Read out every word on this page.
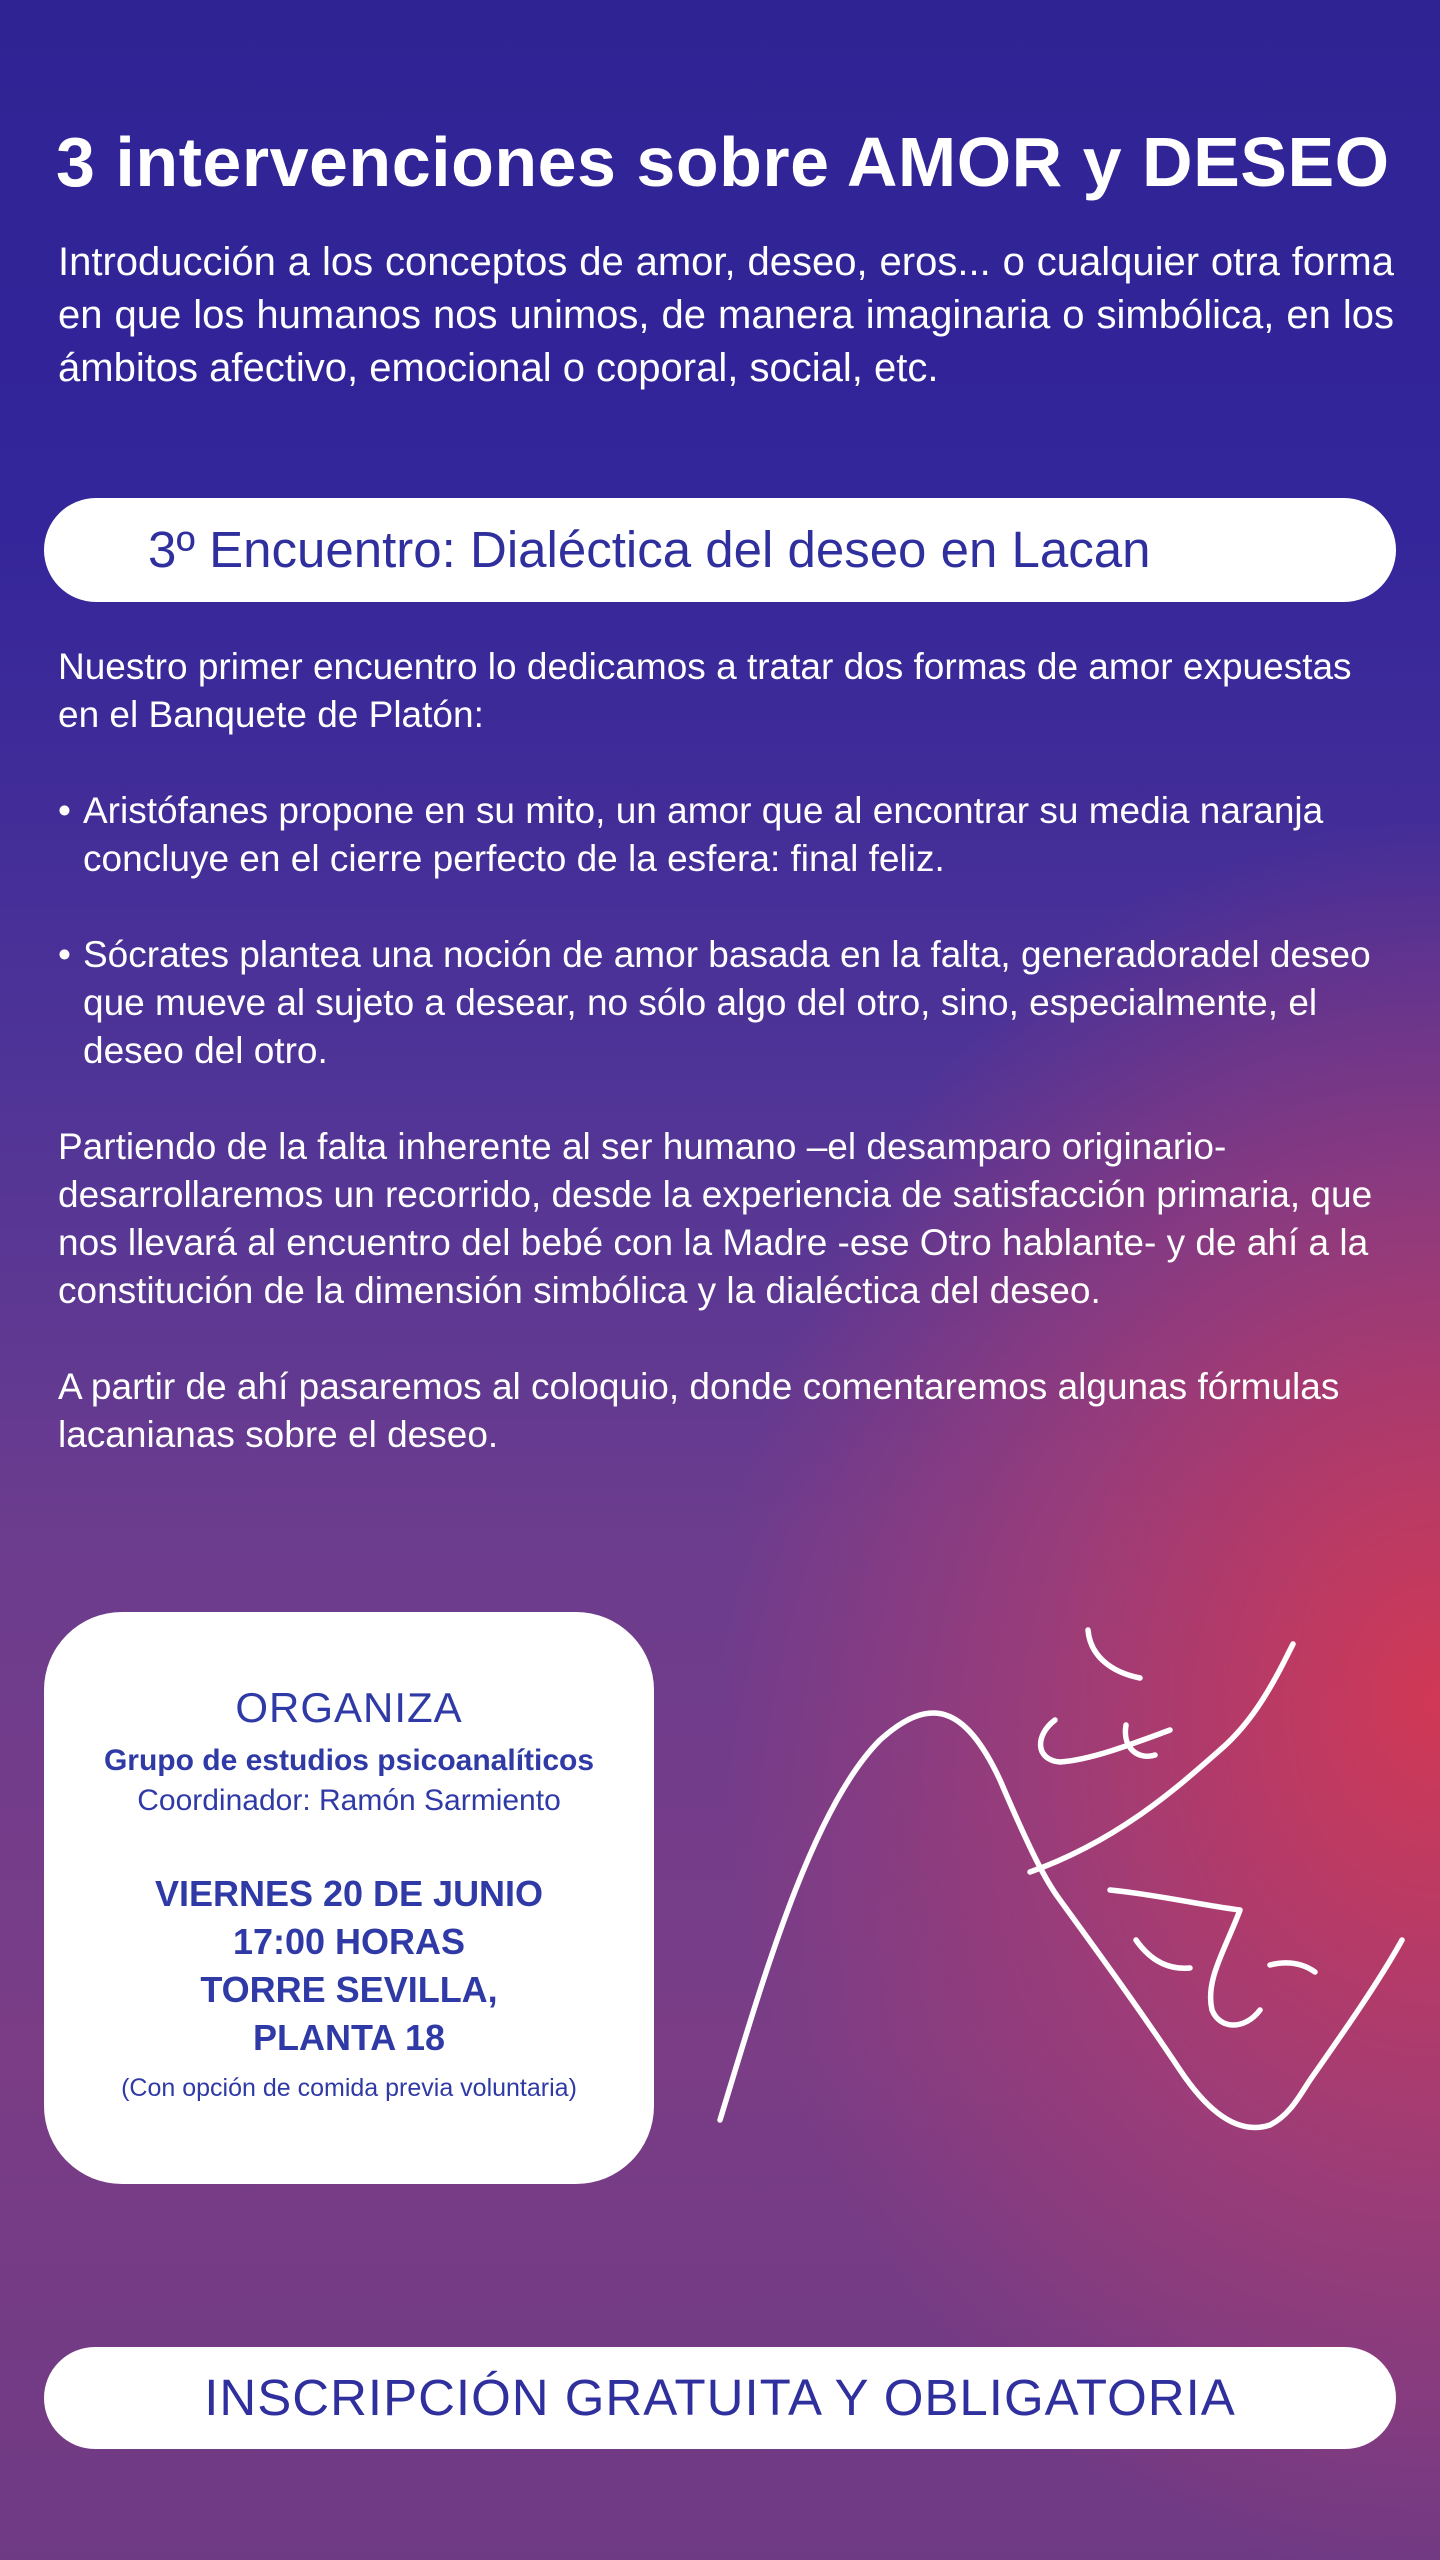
3 intervenciones sobre AMOR y DESEO

Introducción a los conceptos de amor, deseo, eros... o cualquier otra forma en que los humanos nos unimos, de manera imaginaria o simbólica, en los ámbitos afectivo, emocional o coporal, social, etc.

3º Encuentro: Dialéctica del deseo en Lacan

Nuestro primer encuentro lo dedicamos a tratar dos formas de amor expuestas en el Banquete de Platón:

• Aristófanes propone en su mito, un amor que al encontrar su media naranja concluye en el cierre perfecto de la esfera: final feliz.
• Sócrates plantea una noción de amor basada en la falta, generadoradel deseo que mueve al sujeto a desear, no sólo algo del otro, sino, especialmente, el deseo del otro.

Partiendo de la falta inherente al ser humano –el desamparo originario- desarrollaremos un recorrido, desde la experiencia de satisfacción primaria, que nos llevará al encuentro del bebé con la Madre -ese Otro hablante- y de ahí a la constitución de la dimensión simbólica y la dialéctica del deseo.

A partir de ahí pasaremos al coloquio, donde comentaremos algunas fórmulas lacanianas sobre el deseo.

ORGANIZA
Grupo de estudios psicoanalíticos
Coordinador: Ramón Sarmiento
VIERNES 20 DE JUNIO
17:00 HORAS
TORRE SEVILLA,
PLANTA 18
(Con opción de comida previa voluntaria)
INSCRIPCIÓN GRATUITA Y OBLIGATORIA
